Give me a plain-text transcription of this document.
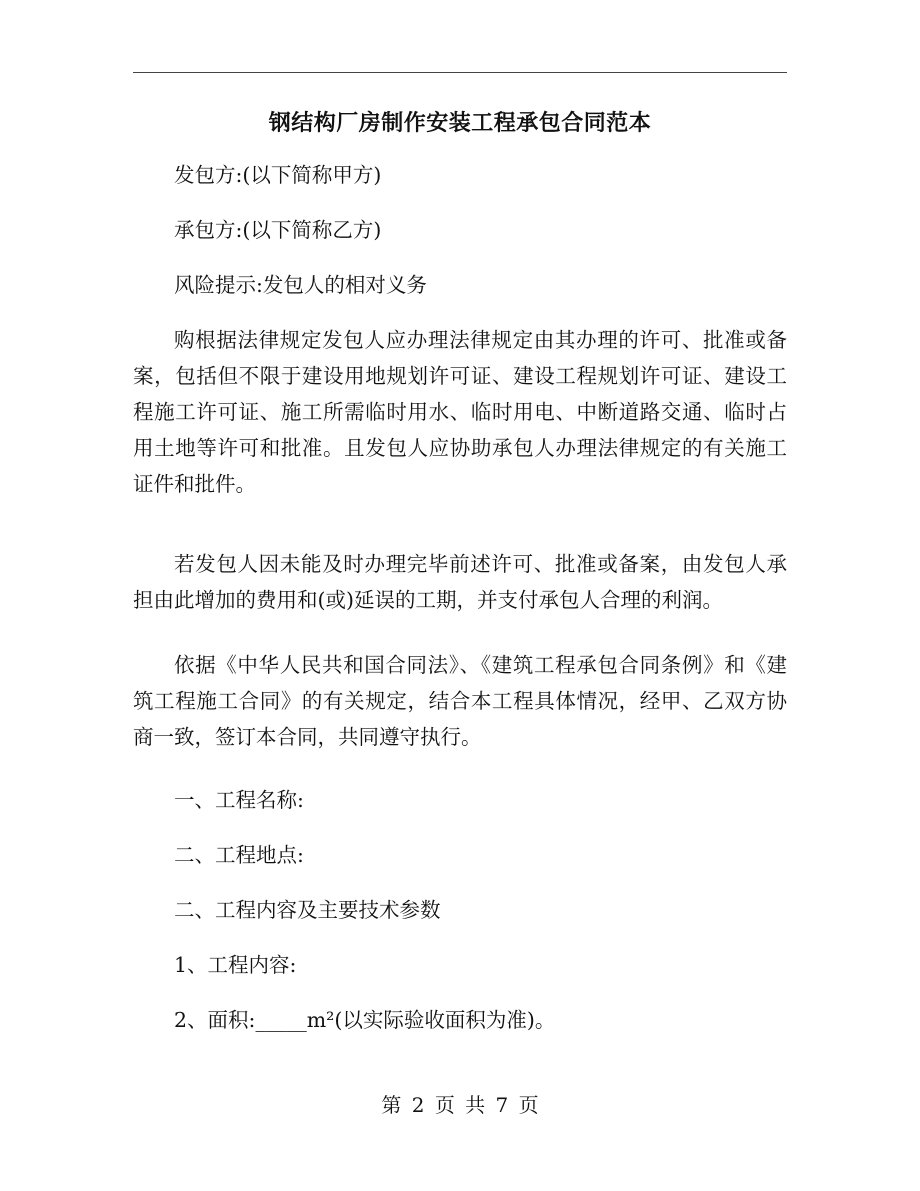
钢结构厂房制作安装工程承包合同范本
发包方:(以下简称甲方)
承包方:(以下简称乙方)
风险提示:发包人的相对义务
购根据法律规定发包人应办理法律规定由其办理的许可、批准或备案，包括但不限于建设用地规划许可证、建设工程规划许可证、建设工程施工许可证、施工所需临时用水、临时用电、中断道路交通、临时占用土地等许可和批准。且发包人应协助承包人办理法律规定的有关施工证件和批件。
若发包人因未能及时办理完毕前述许可、批准或备案，由发包人承担由此增加的费用和(或)延误的工期，并支付承包人合理的利润。
依据《中华人民共和国合同法》、《建筑工程承包合同条例》和《建筑工程施工合同》的有关规定，结合本工程具体情况，经甲、乙双方协商一致，签订本合同，共同遵守执行。
一、工程名称:
二、工程地点:
二、工程内容及主要技术参数
1、工程内容:
2、面积:_____m²(以实际验收面积为准)。
第 2 页 共 7 页
